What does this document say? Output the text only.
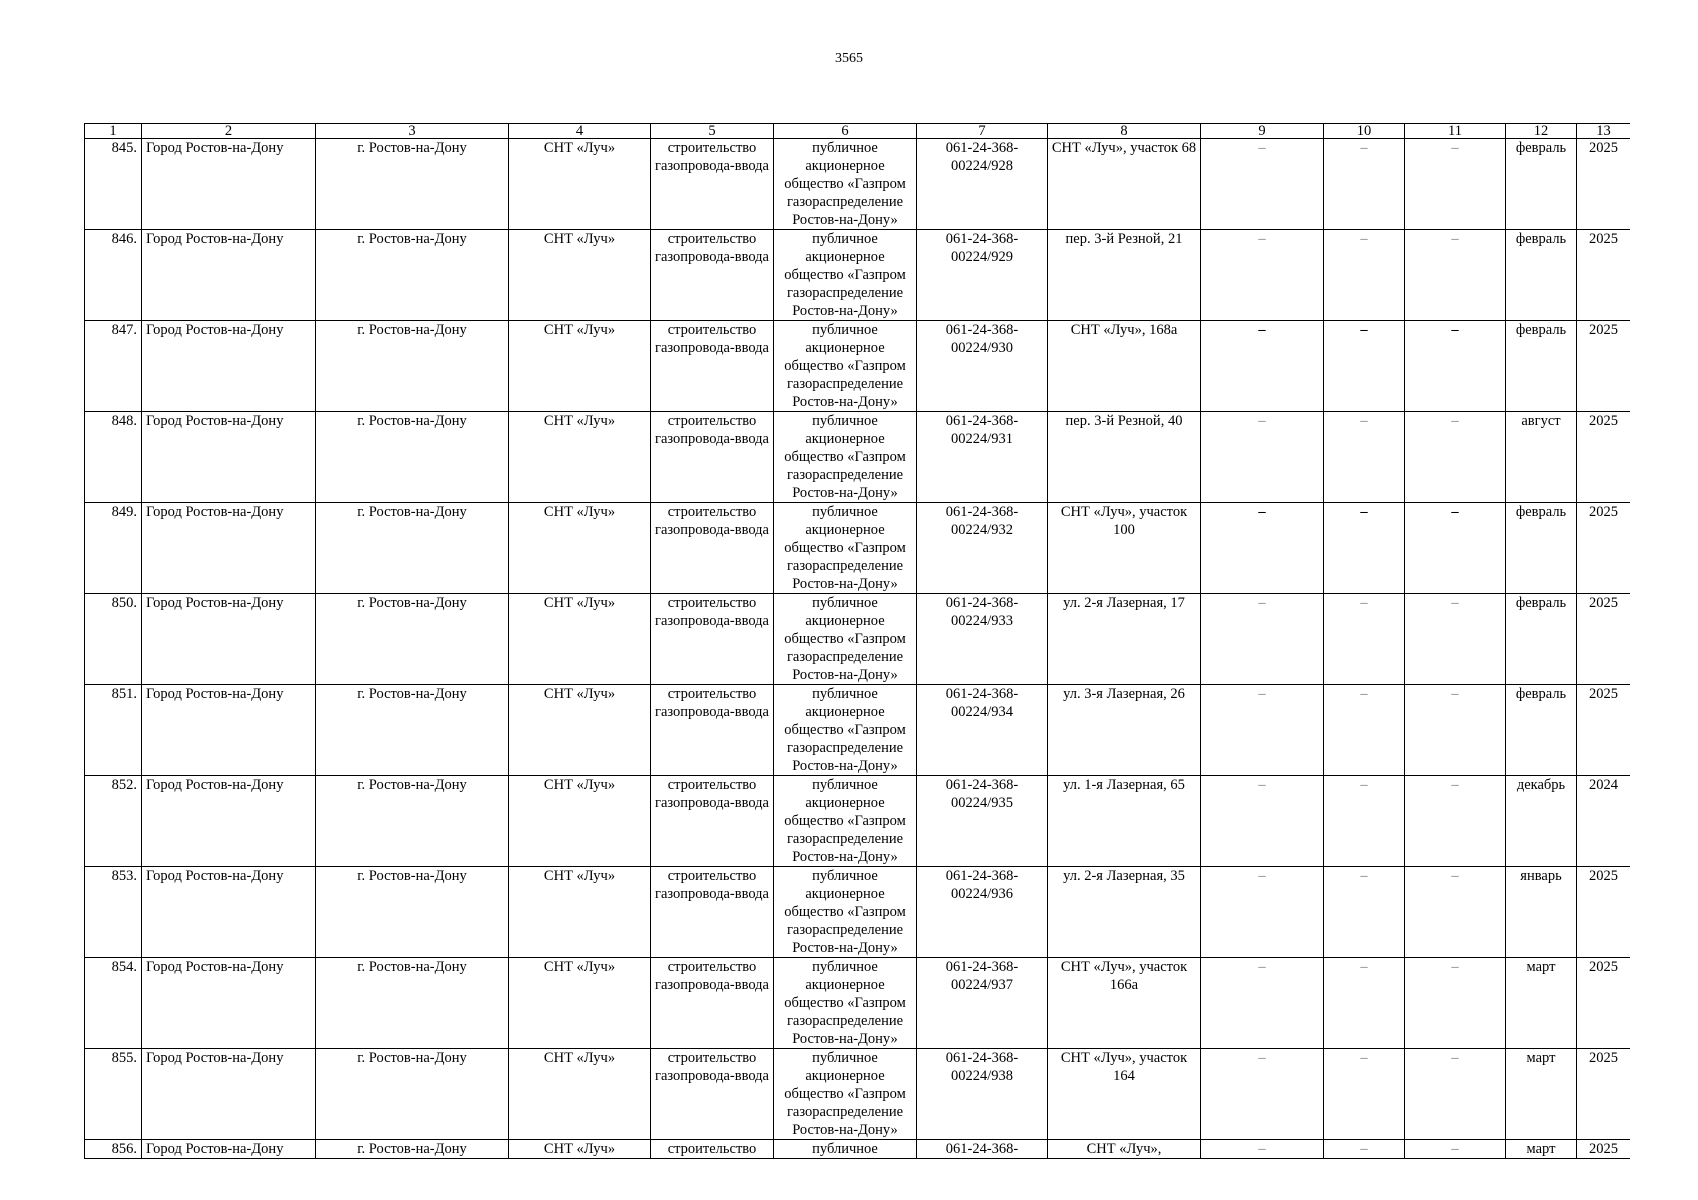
3565
1	2	3	4	5	6	7	8	9	10	11	12	13
845.	Город Ростов-на-Дону	г. Ростов-на-Дону	СНТ «Луч»	строительство газопровода-ввода	публичное акционерное общество «Газпром газораспределение Ростов-на-Дону»	061-24-368-00224/928	СНТ «Луч», участок 68	–	–	–	февраль	2025
846.	Город Ростов-на-Дону	г. Ростов-на-Дону	СНТ «Луч»	строительство газопровода-ввода	публичное акционерное общество «Газпром газораспределение Ростов-на-Дону»	061-24-368-00224/929	пер. 3-й Резной, 21	–	–	–	февраль	2025
847.	Город Ростов-на-Дону	г. Ростов-на-Дону	СНТ «Луч»	строительство газопровода-ввода	публичное акционерное общество «Газпром газораспределение Ростов-на-Дону»	061-24-368-00224/930	СНТ «Луч», 168а	–	–	–	февраль	2025
848.	Город Ростов-на-Дону	г. Ростов-на-Дону	СНТ «Луч»	строительство газопровода-ввода	публичное акционерное общество «Газпром газораспределение Ростов-на-Дону»	061-24-368-00224/931	пер. 3-й Резной, 40	–	–	–	август	2025
849.	Город Ростов-на-Дону	г. Ростов-на-Дону	СНТ «Луч»	строительство газопровода-ввода	публичное акционерное общество «Газпром газораспределение Ростов-на-Дону»	061-24-368-00224/932	СНТ «Луч», участок 100	–	–	–	февраль	2025
850.	Город Ростов-на-Дону	г. Ростов-на-Дону	СНТ «Луч»	строительство газопровода-ввода	публичное акционерное общество «Газпром газораспределение Ростов-на-Дону»	061-24-368-00224/933	ул. 2-я Лазерная, 17	–	–	–	февраль	2025
851.	Город Ростов-на-Дону	г. Ростов-на-Дону	СНТ «Луч»	строительство газопровода-ввода	публичное акционерное общество «Газпром газораспределение Ростов-на-Дону»	061-24-368-00224/934	ул. 3-я Лазерная, 26	–	–	–	февраль	2025
852.	Город Ростов-на-Дону	г. Ростов-на-Дону	СНТ «Луч»	строительство газопровода-ввода	публичное акционерное общество «Газпром газораспределение Ростов-на-Дону»	061-24-368-00224/935	ул. 1-я Лазерная, 65	–	–	–	декабрь	2024
853.	Город Ростов-на-Дону	г. Ростов-на-Дону	СНТ «Луч»	строительство газопровода-ввода	публичное акционерное общество «Газпром газораспределение Ростов-на-Дону»	061-24-368-00224/936	ул. 2-я Лазерная, 35	–	–	–	январь	2025
854.	Город Ростов-на-Дону	г. Ростов-на-Дону	СНТ «Луч»	строительство газопровода-ввода	публичное акционерное общество «Газпром газораспределение Ростов-на-Дону»	061-24-368-00224/937	СНТ «Луч», участок 166а	–	–	–	март	2025
855.	Город Ростов-на-Дону	г. Ростов-на-Дону	СНТ «Луч»	строительство газопровода-ввода	публичное акционерное общество «Газпром газораспределение Ростов-на-Дону»	061-24-368-00224/938	СНТ «Луч», участок 164	–	–	–	март	2025
856.	Город Ростов-на-Дону	г. Ростов-на-Дону	СНТ «Луч»	строительство	публичное	061-24-368-	СНТ «Луч»,	–	–	–	март	2025
